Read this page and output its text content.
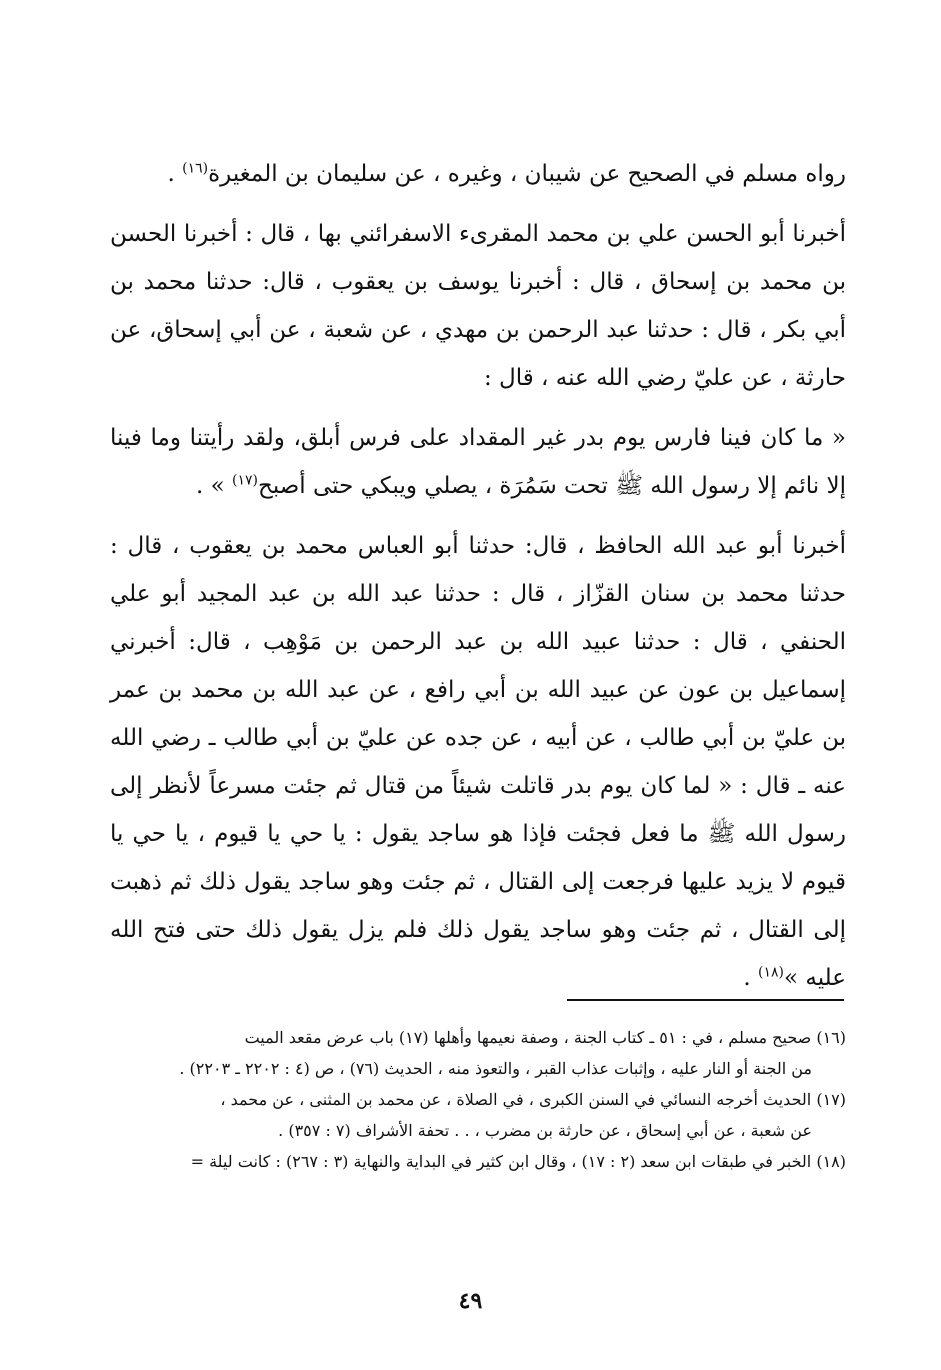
رواه مسلم في الصحيح عن شيبان ، وغيره ، عن سليمان بن المغيرة$^{(١٦)}$ .

أخبرنا أبو الحسن علي بن محمد المقرىء الاسفرائني بها ، قال : أخبرنا الحسن بن محمد بن إسحاق ، قال : أخبرنا يوسف بن يعقوب ، قال: حدثنا محمد بن أبي بكر ، قال : حدثنا عبد الرحمن بن مهدي ، عن شعبة ، عن أبي إسحاق، عن حارثة ، عن عليّ رضي الله عنه ، قال :

« ما كان فينا فارس يوم بدر غير المقداد على فرس أبلق، ولقد رأيتنا وما فينا إلا نائم إلا رسول الله ﷺ تحت سَمُرَة ، يصلي ويبكي حتى أصبح$^{(١٧)}$ » .

أخبرنا أبو عبد الله الحافظ ، قال: حدثنا أبو العباس محمد بن يعقوب ، قال : حدثنا محمد بن سنان القزّاز ، قال : حدثنا عبد الله بن عبد المجيد أبو علي الحنفي ، قال : حدثنا عبيد الله بن عبد الرحمن بن مَوْهِب ، قال: أخبرني إسماعيل بن عون عن عبيد الله بن أبي رافع ، عن عبد الله بن محمد بن عمر بن عليّ بن أبي طالب ، عن أبيه ، عن جده عن عليّ بن أبي طالب ـ رضي الله عنه ـ قال : « لما كان يوم بدر قاتلت شيئاً من قتال ثم جئت مسرعاً لأنظر إلى رسول الله ﷺ ما فعل فجئت فإذا هو ساجد يقول : يا حي يا قيوم ، يا حي يا قيوم لا يزيد عليها فرجعت إلى القتال ، ثم جئت وهو ساجد يقول ذلك ثم ذهبت إلى القتال ، ثم جئت وهو ساجد يقول ذلك فلم يزل يقول ذلك حتى فتح الله عليه »$^{(١٨)}$ .

(١٦) صحيح مسلم ، في : ٥١ ـ كتاب الجنة ، وصفة نعيمها وأهلها (١٧) باب عرض مقعد الميت
من الجنة أو النار عليه ، وإثبات عذاب القبر ، والتعوذ منه ، الحديث (٧٦) ، ص (٤ : ٢٢٠٢ ـ ٢٢٠٣) .

(١٧) الحديث أخرجه النسائي في السنن الكبرى ، في الصلاة ، عن محمد بن المثنى ، عن محمد ،
عن شعبة ، عن أبي إسحاق ، عن حارثة بن مضرب ، . . تحفة الأشراف (٧ : ٣٥٧) .

(١٨) الخبر في طبقات ابن سعد (٢ : ١٧) ، وقال ابن كثير في البداية والنهاية (٣ : ٢٦٧) : كانت ليلة =

٤٩
